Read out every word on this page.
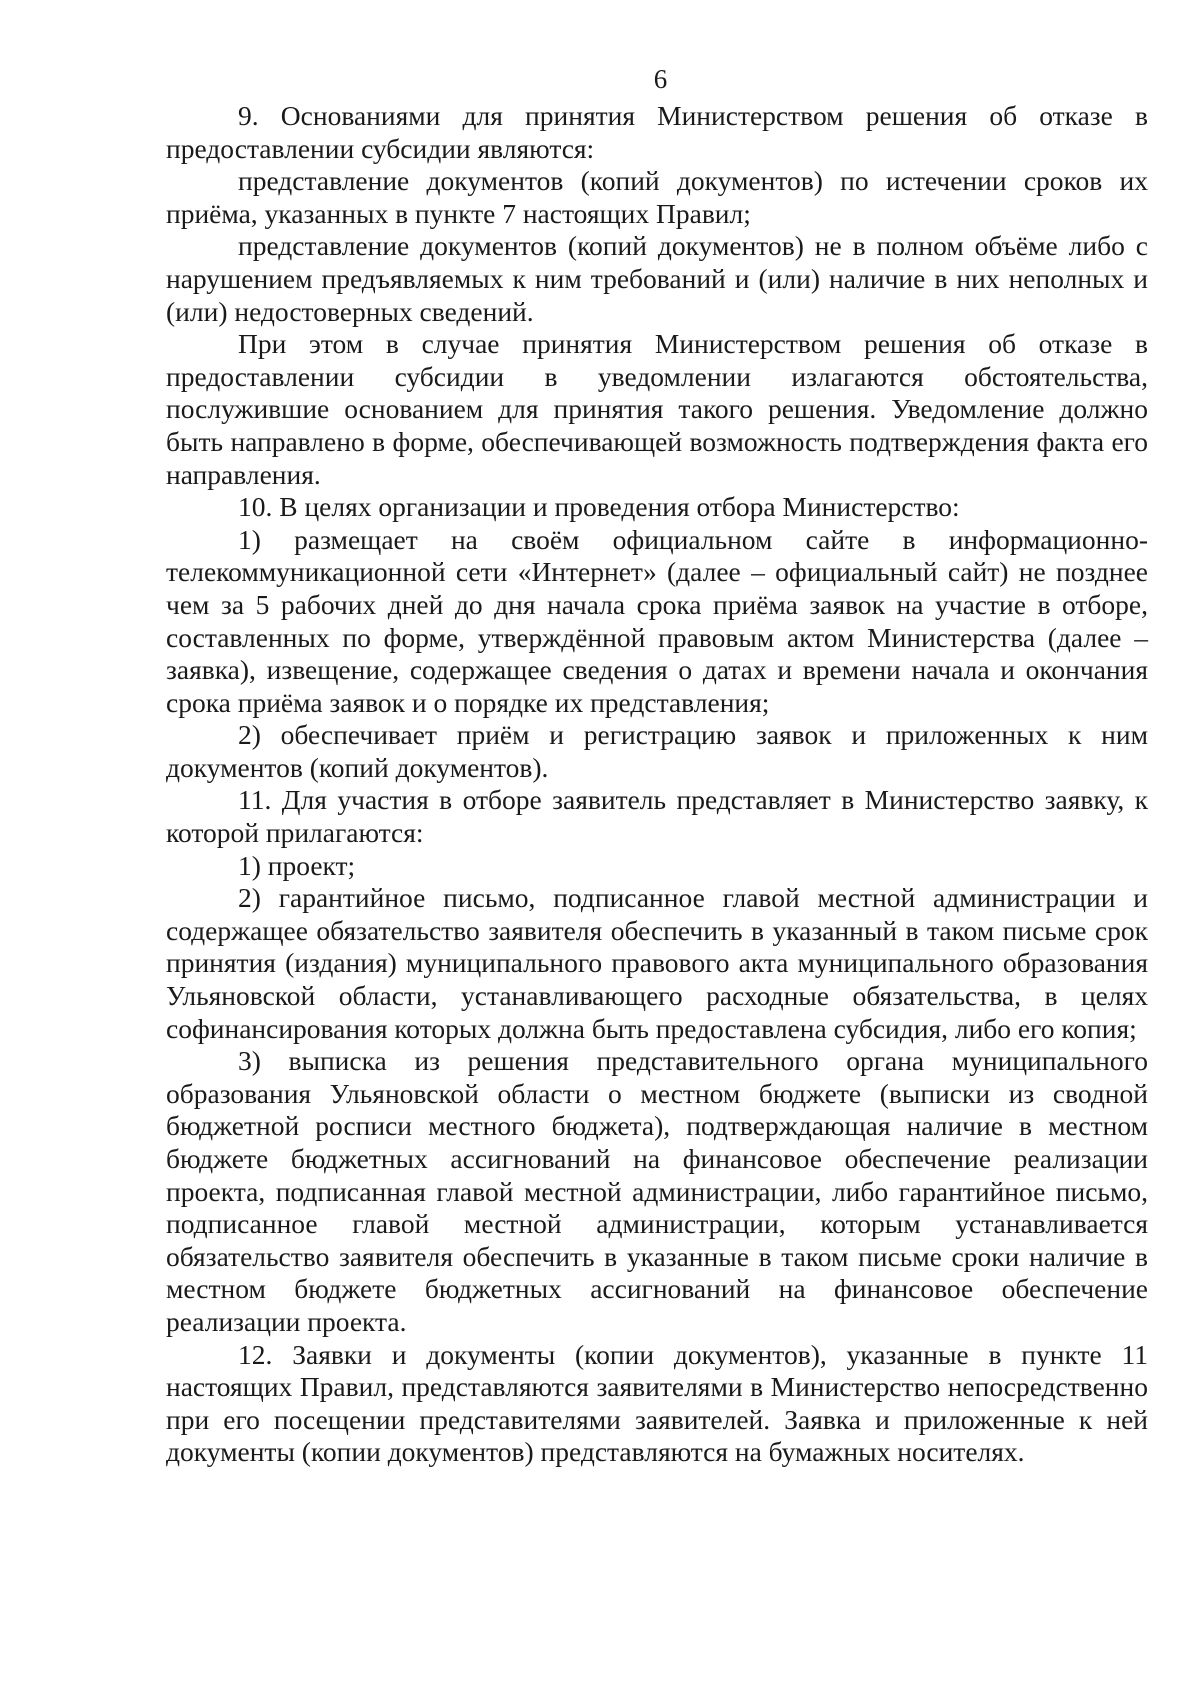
6

9. Основаниями для принятия Министерством решения об отказе в предоставлении субсидии являются:

представление документов (копий документов) по истечении сроков их приёма, указанных в пункте 7 настоящих Правил;

представление документов (копий документов) не в полном объёме либо с нарушением предъявляемых к ним требований и (или) наличие в них неполных и (или) недостоверных сведений.

При этом в случае принятия Министерством решения об отказе в предоставлении субсидии в уведомлении излагаются обстоятельства, послужившие основанием для принятия такого решения. Уведомление должно быть направлено в форме, обеспечивающей возможность подтверждения факта его направления.

10. В целях организации и проведения отбора Министерство:

1) размещает на своём официальном сайте в информационно-телекоммуникационной сети «Интернет» (далее – официальный сайт) не позднее чем за 5 рабочих дней до дня начала срока приёма заявок на участие в отборе, составленных по форме, утверждённой правовым актом Министерства (далее – заявка), извещение, содержащее сведения о датах и времени начала и окончания срока приёма заявок и о порядке их представления;

2) обеспечивает приём и регистрацию заявок и приложенных к ним документов (копий документов).

11. Для участия в отборе заявитель представляет в Министерство заявку, к которой прилагаются:

1) проект;

2) гарантийное письмо, подписанное главой местной администрации и содержащее обязательство заявителя обеспечить в указанный в таком письме срок принятия (издания) муниципального правового акта муниципального образования Ульяновской области, устанавливающего расходные обязательства, в целях софинансирования которых должна быть предоставлена субсидия, либо его копия;

3) выписка из решения представительного органа муниципального образования Ульяновской области о местном бюджете (выписки из сводной бюджетной росписи местного бюджета), подтверждающая наличие в местном бюджете бюджетных ассигнований на финансовое обеспечение реализации проекта, подписанная главой местной администрации, либо гарантийное письмо, подписанное главой местной администрации, которым устанавливается обязательство заявителя обеспечить в указанные в таком письме сроки наличие в местном бюджете бюджетных ассигнований на финансовое обеспечение реализации проекта.

12. Заявки и документы (копии документов), указанные в пункте 11 настоящих Правил, представляются заявителями в Министерство непосредственно при его посещении представителями заявителей. Заявка и приложенные к ней документы (копии документов) представляются на бумажных носителях.
